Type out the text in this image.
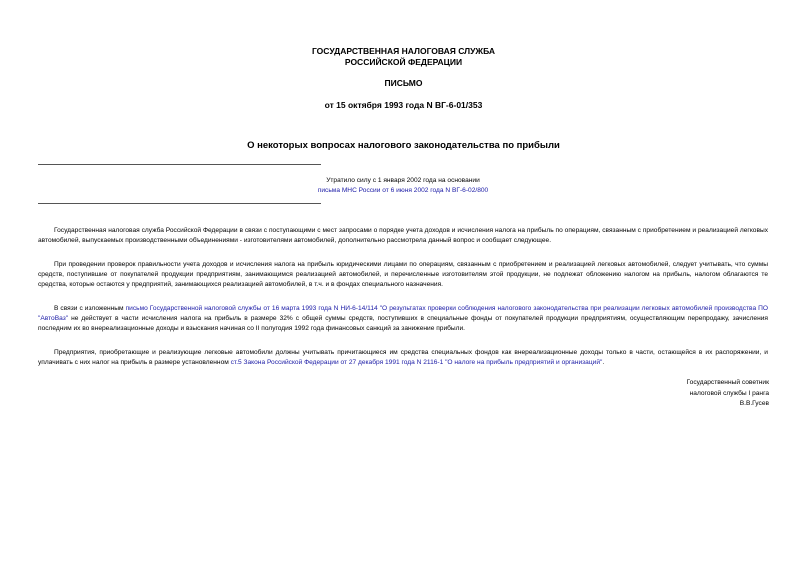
ГОСУДАРСТВЕННАЯ НАЛОГОВАЯ СЛУЖБА
РОССИЙСКОЙ ФЕДЕРАЦИИ
ПИСЬМО
от 15 октября 1993 года N ВГ-6-01/353
О некоторых вопросах налогового законодательства по прибыли
Утратило силу с 1 января 2002 года на основании
письма МНС России от 6 июня 2002 года N ВГ-6-02/800

Государственная налоговая служба Российской Федерации в связи с поступающими с мест запросами о порядке учета доходов и исчисления налога на прибыль по операциям, связанным с приобретением и реализацией легковых автомобилей, выпускаемых производственными объединениями - изготовителями автомобилей, дополнительно рассмотрела данный вопрос и сообщает следующее.

При проведении проверок правильности учета доходов и исчисления налога на прибыль юридическими лицами по операциям, связанным с приобретением и реализацией легковых автомобилей, следует учитывать, что суммы средств, поступившие от покупателей продукции предприятиям, занимающимся реализацией автомобилей, и перечисленные изготовителям этой продукции, не подлежат обложению налогом на прибыль, налогом облагаются те средства, которые остаются у предприятий, занимающихся реализацией автомобилей, в т.ч. и в фондах специального назначения.

В связи с изложенным письмо Государственной налоговой службы от 16 марта 1993 года N НИ-6-14/114 "О результатах проверки соблюдения налогового законодательства при реализации легковых автомобилей производства ПО "АвтоВаз" не действует в части исчисления налога на прибыль в размере 32% с общей суммы средств, поступивших в специальные фонды от покупателей продукции предприятиям, осуществляющим перепродажу, зачисления последним их во внереализационные доходы и взыскания начиная со II полугодия 1992 года финансовых санкций за занижение прибыли.

Предприятия, приобретающие и реализующие легковые автомобили должны учитывать причитающиеся им средства специальных фондов как внереализационные доходы только в части, остающейся в их распоряжении, и уплачивать с них налог на прибыль в размере установленном ст.5 Закона Российской Федерации от 27 декабря 1991 года N 2116-1 "О налоге на прибыль предприятий и организаций".

Государственный советник
налоговой службы I ранга
В.В.Гусев
